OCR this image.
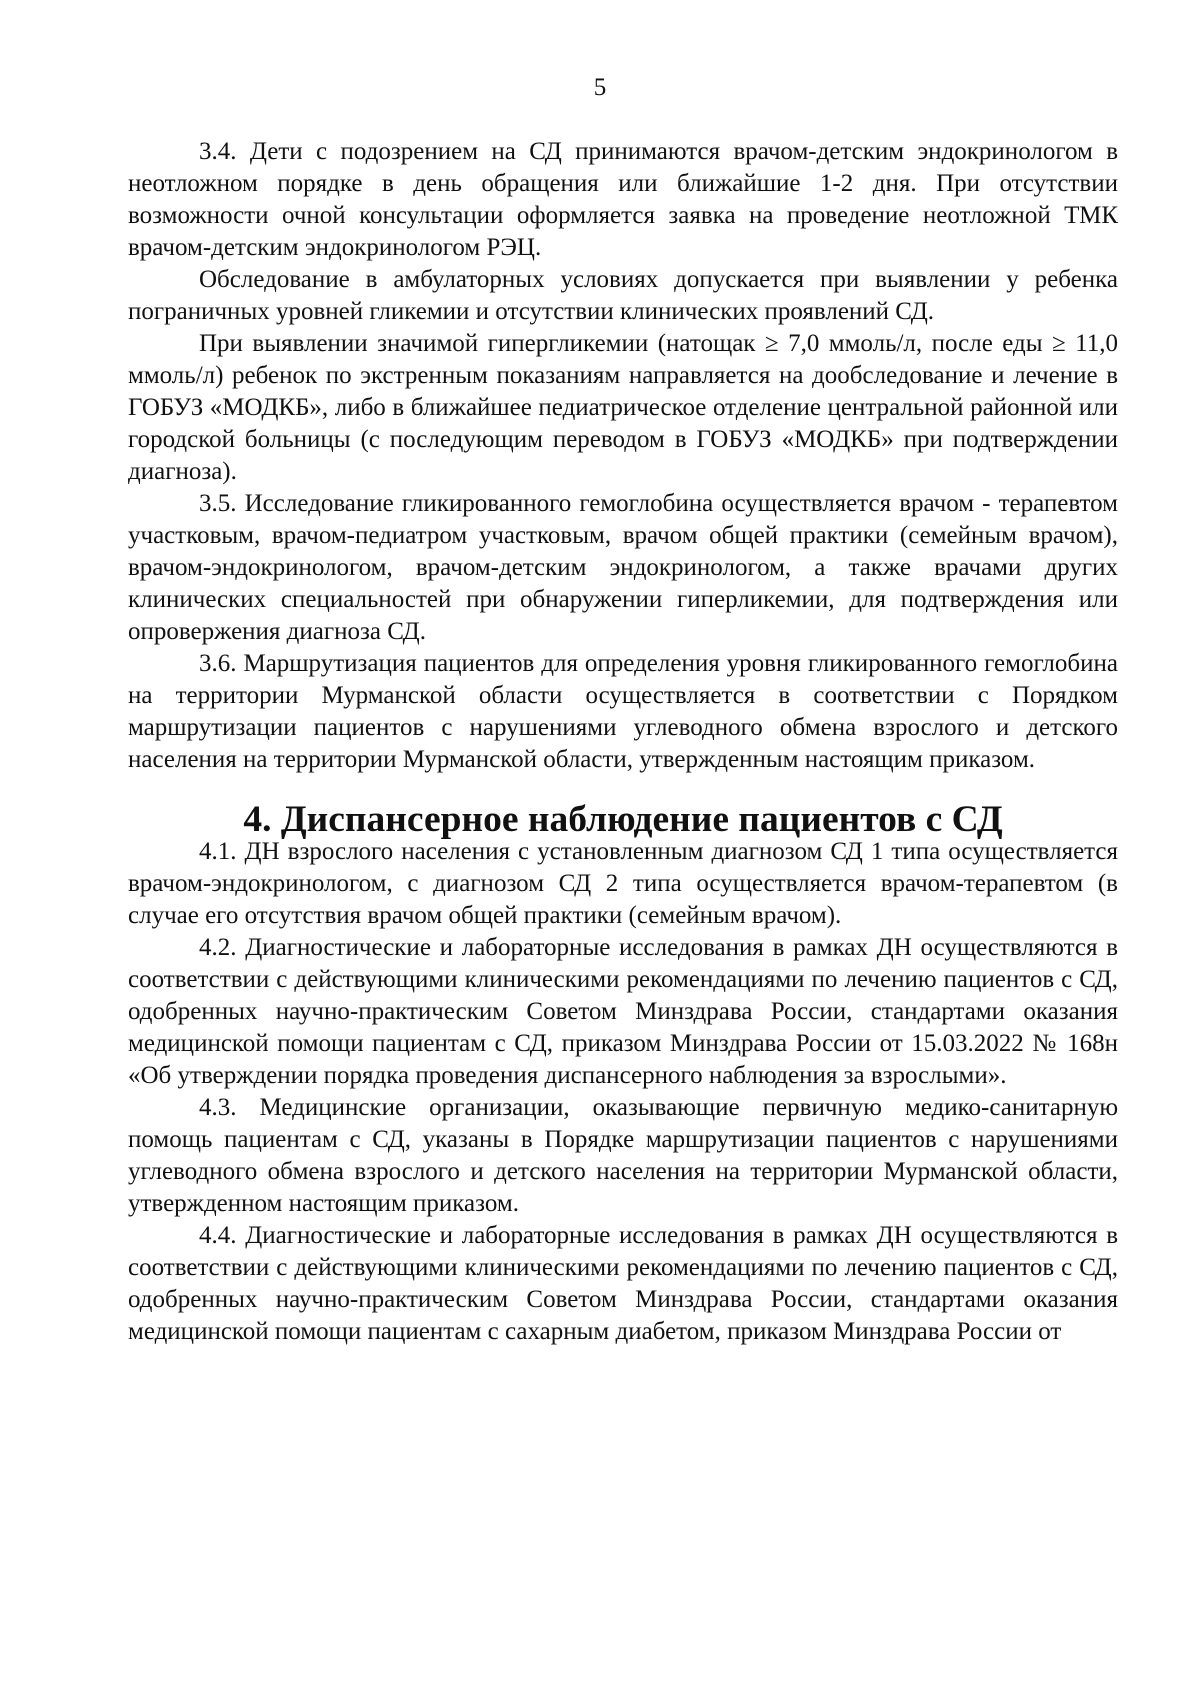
5

3.4. Дети с подозрением на СД принимаются врачом-детским эндокринологом в неотложном порядке в день обращения или ближайшие 1-2 дня. При отсутствии возможности очной консультации оформляется заявка на проведение неотложной ТМК врачом-детским эндокринологом РЭЦ.

Обследование в амбулаторных условиях допускается при выявлении у ребенка пограничных уровней гликемии и отсутствии клинических проявлений СД.

При выявлении значимой гипергликемии (натощак ≥ 7,0 ммоль/л, после еды ≥ 11,0 ммоль/л) ребенок по экстренным показаниям направляется на дообследование и лечение в ГОБУЗ «МОДКБ», либо в ближайшее педиатрическое отделение центральной районной или городской больницы (с последующим переводом в ГОБУЗ «МОДКБ» при подтверждении диагноза).

3.5. Исследование гликированного гемоглобина осуществляется врачом - терапевтом участковым, врачом-педиатром участковым, врачом общей практики (семейным врачом), врачом-эндокринологом, врачом-детским эндокринологом, а также врачами других клинических специальностей при обнаружении гиперликемии, для подтверждения или опровержения диагноза СД.

3.6. Маршрутизация пациентов для определения уровня гликированного гемоглобина на территории Мурманской области осуществляется в соответствии с Порядком маршрутизации пациентов с нарушениями углеводного обмена взрослого и детского населения на территории Мурманской области, утвержденным настоящим приказом.

4. Диспансерное наблюдение пациентов с СД

4.1. ДН взрослого населения с установленным диагнозом СД 1 типа осуществляется врачом-эндокринологом, с диагнозом СД 2 типа осуществляется врачом-терапевтом (в случае его отсутствия врачом общей практики (семейным врачом).

4.2. Диагностические и лабораторные исследования в рамках ДН осуществляются в соответствии с действующими клиническими рекомендациями по лечению пациентов с СД, одобренных научно-практическим Советом Минздрава России, стандартами оказания медицинской помощи пациентам с СД, приказом Минздрава России от 15.03.2022 № 168н «Об утверждении порядка проведения диспансерного наблюдения за взрослыми».

4.3. Медицинские организации, оказывающие первичную медико-санитарную помощь пациентам с СД, указаны в Порядке маршрутизации пациентов с нарушениями углеводного обмена взрослого и детского населения на территории Мурманской области, утвержденном настоящим приказом.

4.4. Диагностические и лабораторные исследования в рамках ДН осуществляются в соответствии с действующими клиническими рекомендациями по лечению пациентов с СД, одобренных научно-практическим Советом Минздрава России, стандартами оказания медицинской помощи пациентам с сахарным диабетом, приказом Минздрава России от
